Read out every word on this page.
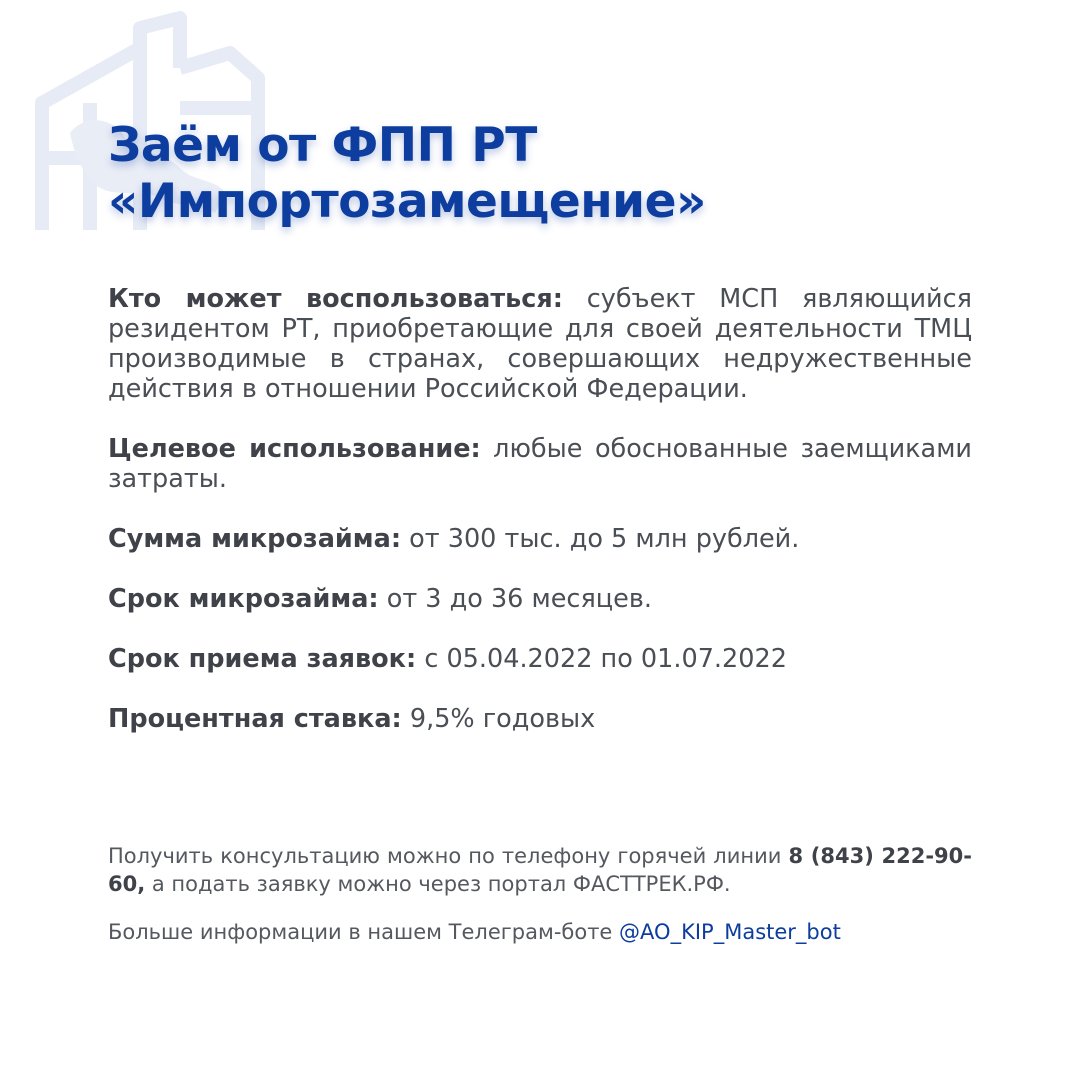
Заём от ФПП РТ
«Импортозамещение»

Кто может воспользоваться: субъект МСП являющийся резидентом РТ, приобретающие для своей деятельности ТМЦ производимые в странах, совершающих недружественные действия в отношении Российской Федерации.

Целевое использование: любые обоснованные заемщиками затраты.

Сумма микрозайма: от 300 тыс. до 5 млн рублей.

Срок микрозайма: от 3 до 36 месяцев.

Срок приема заявок: с 05.04.2022 по 01.07.2022

Процентная ставка: 9,5% годовых

Получить консультацию можно по телефону горячей линии 8 (843) 222-90-60, а подать заявку можно через портал ФАСТТРЕК.РФ.

Больше информации в нашем Телеграм-боте @AO_KIP_Master_bot
